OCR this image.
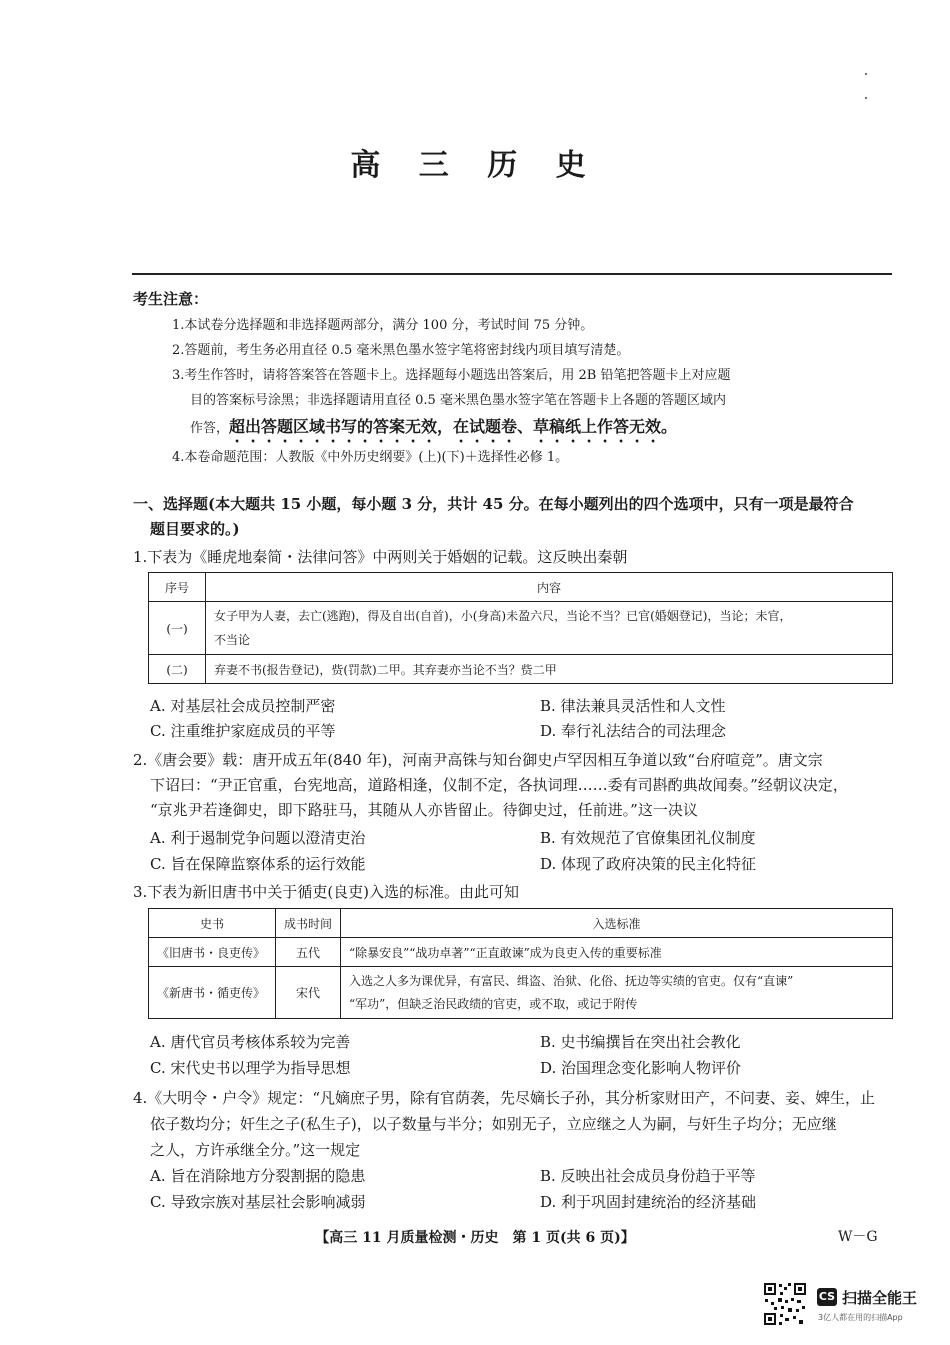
高 三 历 史
考生注意：
1.本试卷分选择题和非选择题两部分，满分 100 分，考试时间 75 分钟。
2.答题前，考生务必用直径 0.5 毫米黑色墨水签字笔将密封线内项目填写清楚。
3.考生作答时，请将答案答在答题卡上。选择题每小题选出答案后，用 2B 铅笔把答题卡上对应题
目的答案标号涂黑；非选择题请用直径 0.5 毫米黑色墨水签字笔在答题卡上各题的答题区域内
作答，超出答题区域书写的答案无效，在试题卷、草稿纸上作答无效。
4.本卷命题范围：人教版《中外历史纲要》(上)(下)＋选择性必修 1。
一、选择题(本大题共 15 小题，每小题 3 分，共计 45 分。在每小题列出的四个选项中，只有一项是最符合
题目要求的。)
1.下表为《睡虎地秦简・法律问答》中两则关于婚姻的记载。这反映出秦朝
序号	内容
(一)	女子甲为人妻，去亡(逃跑)，得及自出(自首)，小(身高)未盈六尺，当论不当？已官(婚姻登记)，当论；未官，
不当论
(二)	弃妻不书(报告登记)，赀(罚款)二甲。其弃妻亦当论不当？赀二甲
A. 对基层社会成员控制严密	B. 律法兼具灵活性和人文性
C. 注重维护家庭成员的平等	D. 奉行礼法结合的司法理念
2.《唐会要》载：唐开成五年(840 年)，河南尹高铢与知台御史卢罕因相互争道以致“台府喧竞”。唐文宗
下诏曰：“尹正官重，台宪地高，道路相逢，仪制不定，各执词理……委有司斟酌典故闻奏。”经朝议决定，
“京兆尹若逢御史，即下路驻马，其随从人亦皆留止。待御史过，任前进。”这一决议
A. 利于遏制党争问题以澄清吏治	B. 有效规范了官僚集团礼仪制度
C. 旨在保障监察体系的运行效能	D. 体现了政府决策的民主化特征
3.下表为新旧唐书中关于循吏(良吏)入选的标准。由此可知
史书	成书时间	入选标准
《旧唐书・良吏传》	五代	“除暴安良”“战功卓著”“正直敢谏”成为良吏入传的重要标准
《新唐书・循吏传》	宋代	入选之人多为课优异，有富民、缉盗、治狱、化俗、抚边等实绩的官吏。仅有“直谏”
“军功”，但缺乏治民政绩的官吏，或不取，或记于附传
A. 唐代官员考核体系较为完善	B. 史书编撰旨在突出社会教化
C. 宋代史书以理学为指导思想	D. 治国理念变化影响人物评价
4.《大明令・户令》规定：“凡嫡庶子男，除有官荫袭，先尽嫡长子孙，其分析家财田产，不问妻、妾、婢生，止
依子数均分；奸生之子(私生子)，以子数量与半分；如别无子，立应继之人为嗣，与奸生子均分；无应继
之人，方许承继全分。”这一规定
A. 旨在消除地方分裂割据的隐患	B. 反映出社会成员身份趋于平等
C. 导致宗族对基层社会影响减弱	D. 利于巩固封建统治的经济基础
【高三 11 月质量检测・历史　第 1 页(共 6 页)】	W－G
CS 扫描全能王
3亿人都在用的扫描App
